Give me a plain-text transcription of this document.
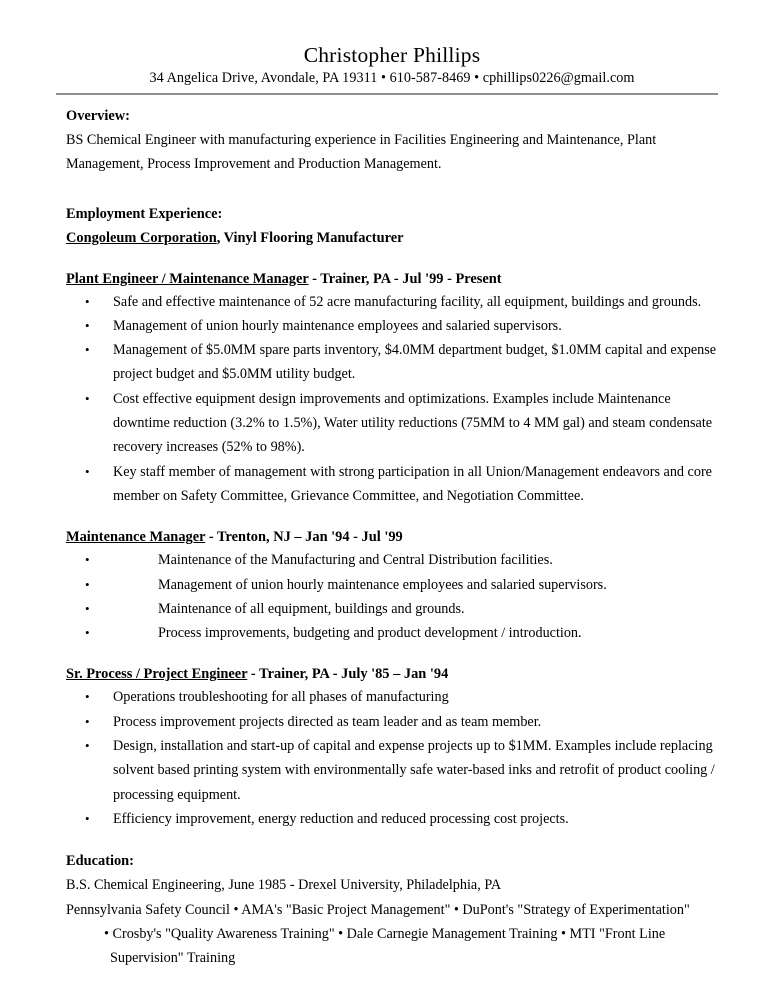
Christopher Phillips
34 Angelica Drive, Avondale, PA 19311 • 610-587-8469 • cphillips0226@gmail.com
Overview:
BS Chemical Engineer with manufacturing experience in Facilities Engineering and Maintenance, Plant Management, Process Improvement and Production Management.
Employment Experience:
Congoleum Corporation, Vinyl Flooring Manufacturer
Plant Engineer / Maintenance Manager - Trainer, PA - Jul '99 - Present
• Safe and effective maintenance of 52 acre manufacturing facility, all equipment, buildings and grounds.
• Management of union hourly maintenance employees and salaried supervisors.
• Management of $5.0MM spare parts inventory, $4.0MM department budget, $1.0MM capital and expense project budget and $5.0MM utility budget.
• Cost effective equipment design improvements and optimizations. Examples include Maintenance downtime reduction (3.2% to 1.5%), Water utility reductions (75MM to 4 MM gal) and steam condensate recovery increases (52% to 98%).
• Key staff member of management with strong participation in all Union/Management endeavors and core member on Safety Committee, Grievance Committee, and Negotiation Committee.
Maintenance Manager - Trenton, NJ – Jan '94 - Jul '99
•	Maintenance of the Manufacturing and Central Distribution facilities.
•	Management of union hourly maintenance employees and salaried supervisors.
•	Maintenance of all equipment, buildings and grounds.
•	Process improvements, budgeting and product development / introduction.
Sr. Process / Project Engineer - Trainer, PA - July '85 – Jan '94
• Operations troubleshooting for all phases of manufacturing
• Process improvement projects directed as team leader and as team member.
• Design, installation and start-up of capital and expense projects up to $1MM. Examples include replacing solvent based printing system with environmentally safe water-based inks and retrofit of product cooling / processing equipment.
• Efficiency improvement, energy reduction and reduced processing cost projects.
Education:
B.S. Chemical Engineering, June 1985 - Drexel University, Philadelphia, PA
Pennsylvania Safety Council • AMA's "Basic Project Management" • DuPont's "Strategy of Experimentation"
• Crosby's "Quality Awareness Training" • Dale Carnegie Management Training • MTI "Front Line
Supervision" Training
